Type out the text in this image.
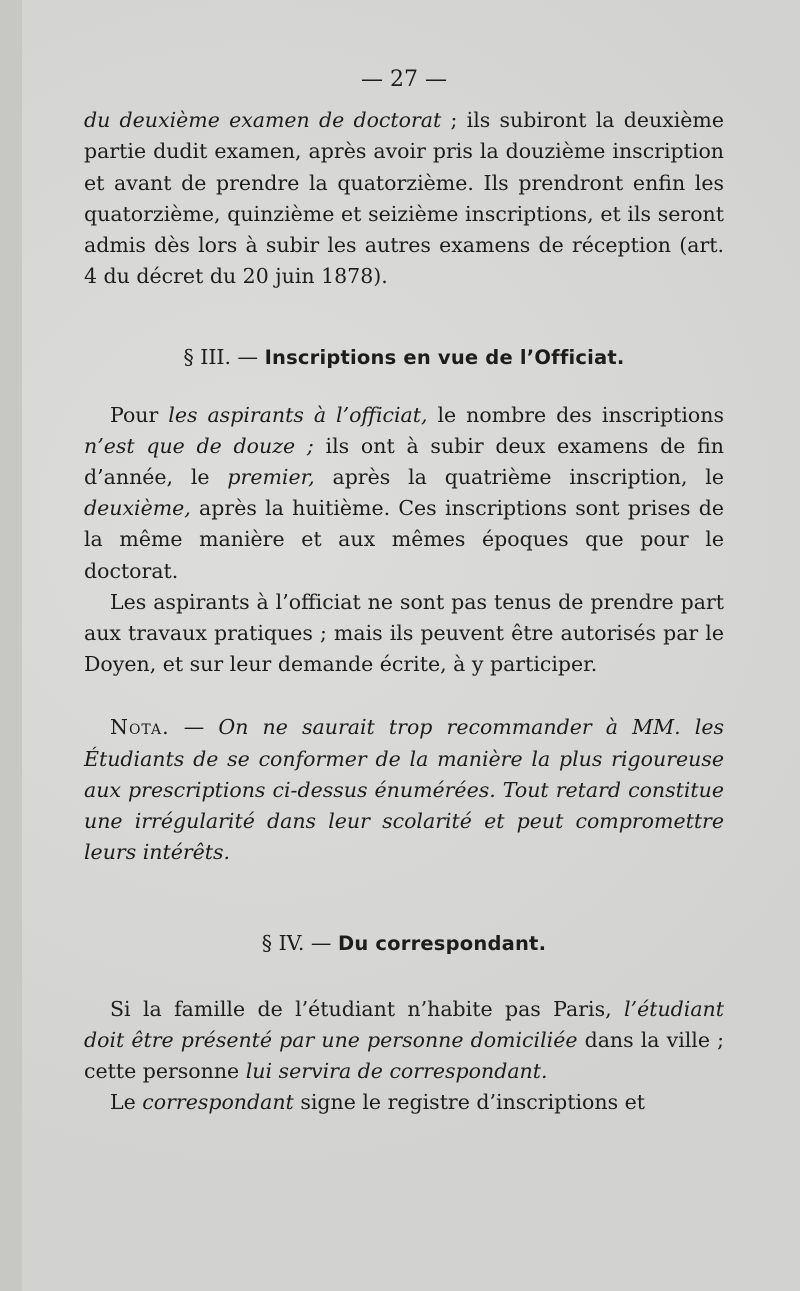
— 27 —

du deuxième examen de doctorat ; ils subiront la deuxième partie dudit examen, après avoir pris la douzième inscription et avant de prendre la quatorzième. Ils prendront enfin les quatorzième, quinzième et seizième inscriptions, et ils seront admis dès lors à subir les autres examens de réception (art. 4 du décret du 20 juin 1878).

§ III. — Inscriptions en vue de l’Officiat.

Pour les aspirants à l’officiat, le nombre des inscriptions n’est que de douze ; ils ont à subir deux examens de fin d’année, le premier, après la quatrième inscription, le deuxième, après la huitième. Ces inscriptions sont prises de la même manière et aux mêmes époques que pour le doctorat.

Les aspirants à l’officiat ne sont pas tenus de prendre part aux travaux pratiques ; mais ils peuvent être autorisés par le Doyen, et sur leur demande écrite, à y participer.

Nota. — On ne saurait trop recommander à MM. les Étudiants de se conformer de la manière la plus rigoureuse aux prescriptions ci-dessus énumérées. Tout retard constitue une irrégularité dans leur scolarité et peut compromettre leurs intérêts.

§ IV. — Du correspondant.

Si la famille de l’étudiant n’habite pas Paris, l’étudiant doit être présenté par une personne domiciliée dans la ville ; cette personne lui servira de correspondant.

Le correspondant signe le registre d’inscriptions et
